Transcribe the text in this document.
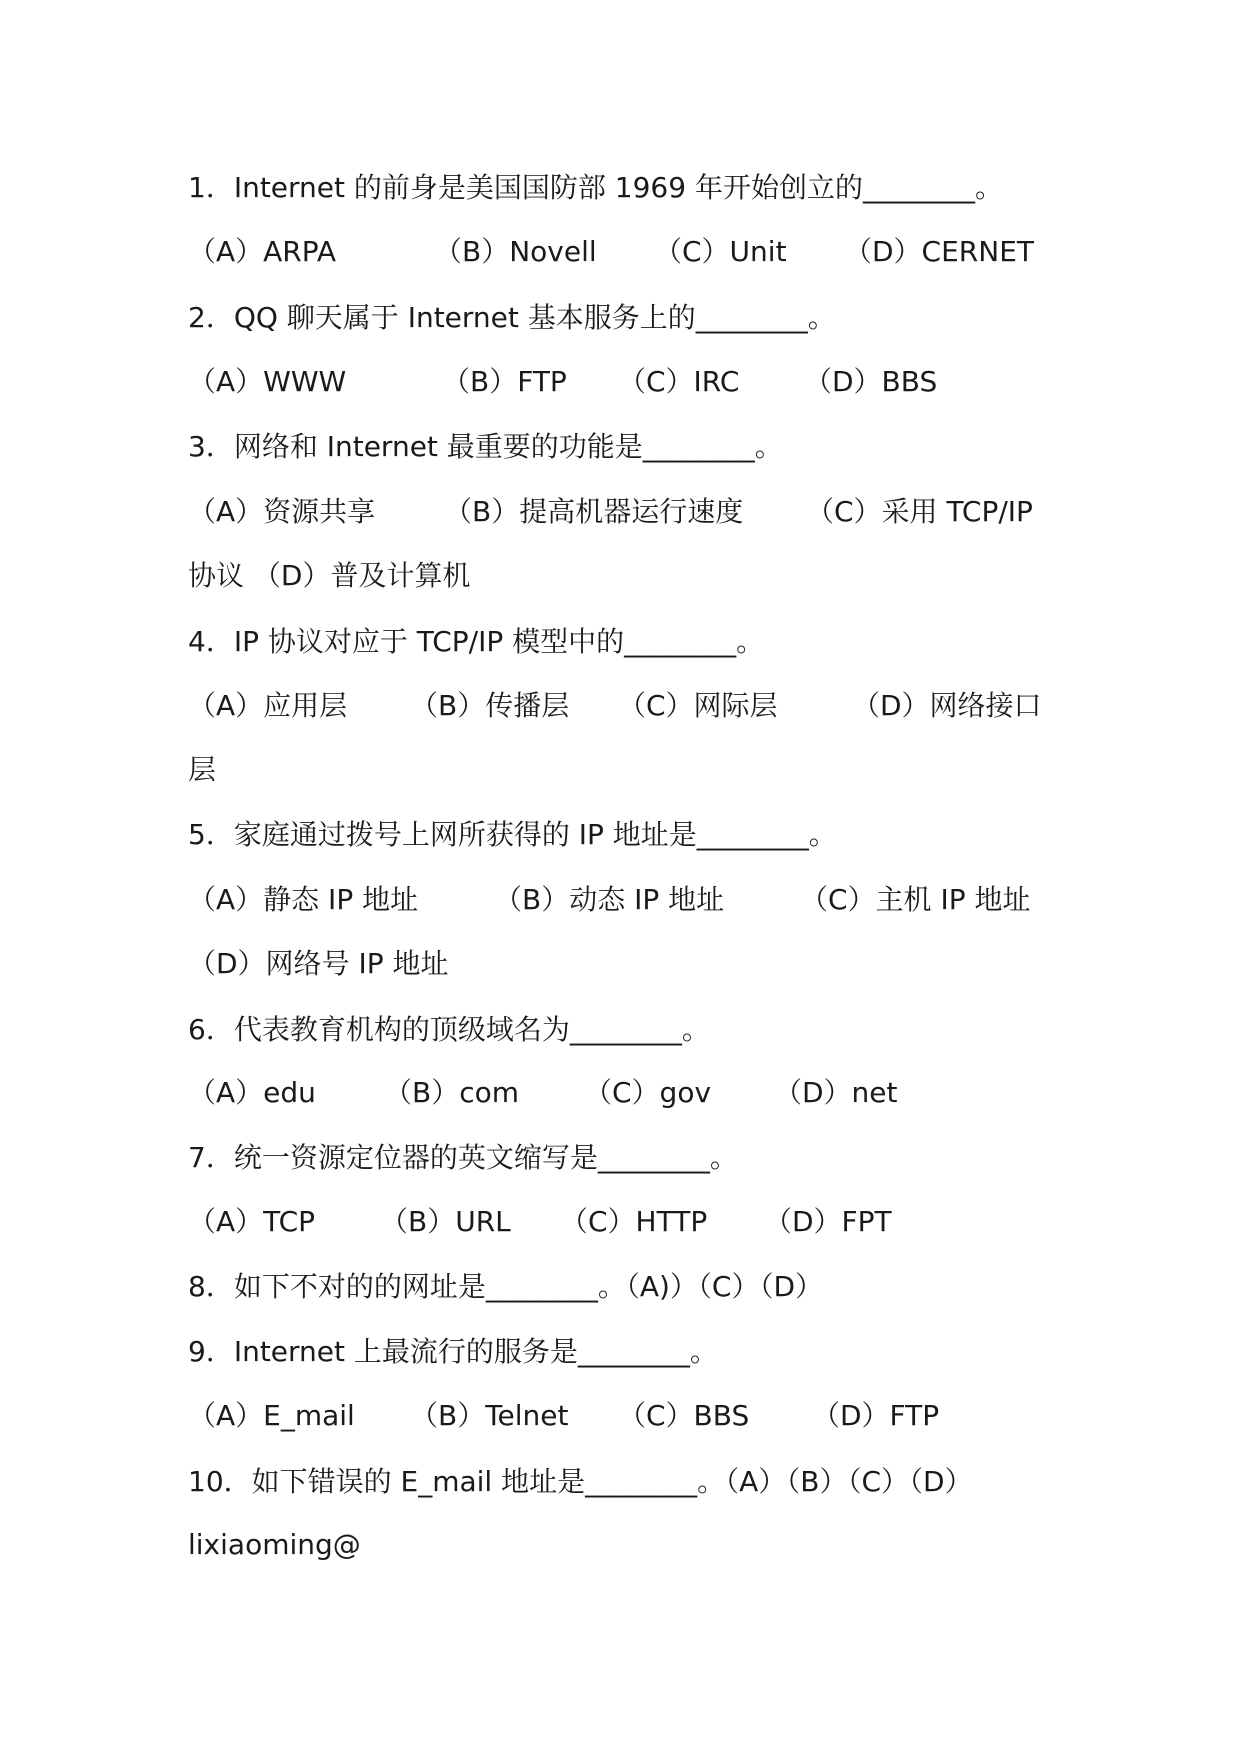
1．Internet 的前身是美国国防部 1969 年开始创立的________。
（A）ARPA	（B）Novell （C）Unit （D）CERNET
2．QQ 聊天属于 Internet 基本服务上的________。
（A）WWW	（B）FTP （C）IRC （D）BBS
3．网络和 Internet 最重要的功能是________。
（A）资源共享 （B）提高机器运行速度 （C）采用 TCP/IP
协议 （D）普及计算机
4．IP 协议对应于 TCP/IP 模型中的________。
（A）应用层 （B）传播层 （C）网际层	（D）网络接口
层
5．家庭通过拨号上网所获得的 IP 地址是________。
（A）静态 IP 地址	（B）动态 IP 地址	（C）主机 IP 地址
（D）网络号 IP 地址
6．代表教育机构的顶级域名为________。
（A）edu （B）com （C）gov （D）net
7．统一资源定位器的英文缩写是________。
（A）TCP （B）URL （C）HTTP （D）FPT
8．如下不对的的网址是________。（A)）（C）（D）
9．Internet 上最流行的服务是________。
（A）E_mail （B）Telnet （C）BBS （D）FTP
10．如下错误的 E_mail 地址是________。（A）（B）（C）（D）
lixiaoming@
